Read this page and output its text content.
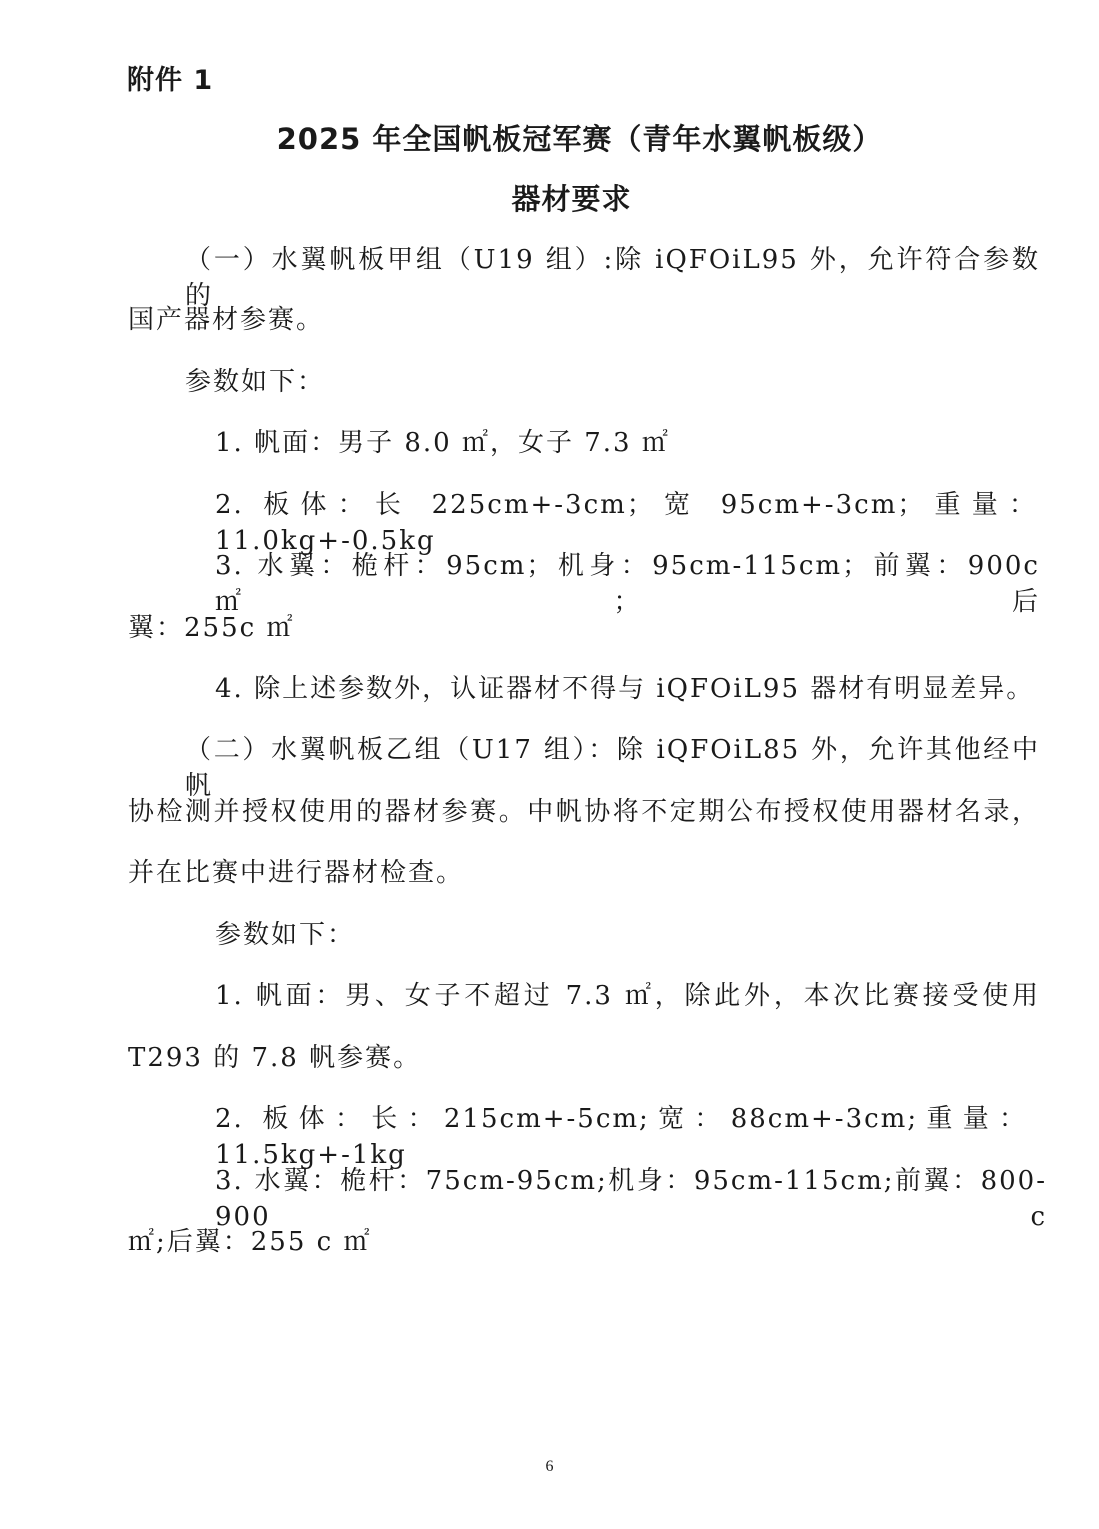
附件 1
2025 年全国帆板冠军赛（青年水翼帆板级）
器材要求
（一）水翼帆板甲组（U19 组）:除 iQFOiL95 外，允许符合参数的
国产器材参赛。
参数如下：
1. 帆面：男子 8.0 ㎡，女子 7.3 ㎡
2. 板体：长 225cm+-3cm；宽 95cm+-3cm；重量：11.0kg+-0.5kg
3. 水翼：桅杆：95cm；机身：95cm-115cm；前翼：900c ㎡；后
翼：255c ㎡
4. 除上述参数外，认证器材不得与 iQFOiL95 器材有明显差异。
（二）水翼帆板乙组（U17 组）：除 iQFOiL85 外，允许其他经中帆
协检测并授权使用的器材参赛。中帆协将不定期公布授权使用器材名录，
并在比赛中进行器材检查。
参数如下：
1. 帆面：男、女子不超过 7.3 ㎡，除此外，本次比赛接受使用
T293 的 7.8 帆参赛。
2. 板体：长：215cm+-5cm;宽：88cm+-3cm;重量：11.5kg+-1kg
3. 水翼：桅杆：75cm-95cm;机身：95cm-115cm;前翼：800-900 c
㎡;后翼：255 c ㎡
6
